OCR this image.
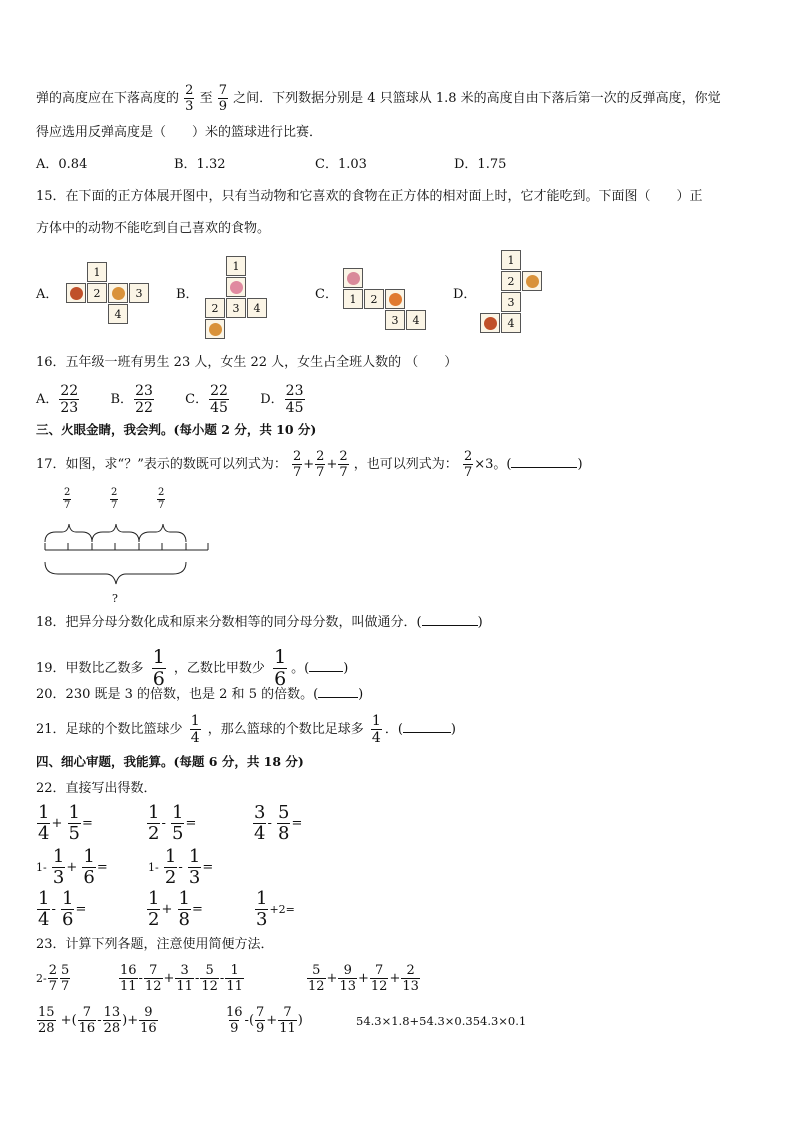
弹的高度应在下落高度的 $\frac{2}{3}$ 至 $\frac{7}{9}$ 之间．下列数据分别是 4 只篮球从 1.8 米的高度自由下落后第一次的反弹高度，你觉
得应选用反弹高度是（　　）米的篮球进行比赛．
A．0.84	B．1.32	C．1.03	D．1.75
15．在下面的正方体展开图中，只有当动物和它喜欢的食物在正方体的相对面上时，它才能吃到。下面图（　　）正
方体中的动物不能吃到自己喜欢的食物。
A．
1
2	3
4
B．
1
2	3	4
C．	1	2
3	4
D．
1
2
3
4
16．五年级一班有男生 23 人，女生 22 人，女生占全班人数的 （　　）
A． $\frac{22}{23}$ B． $\frac{23}{22}$ C． $\frac{22}{45}$ D． $\frac{23}{45}$
三、火眼金睛，我会判。(每小题 2 分，共 10 分)
17．如图，求“？”表示的数既可以列式为： $\frac{2}{7} + \frac{2}{7} + \frac{2}{7}$ ，也可以列式为： $\frac{2}{7} \times 3$。(	)
$\frac{2}{7}$	$\frac{2}{7}$	$\frac{2}{7}$
?
18．把异分母分数化成和原来分数相等的同分母分数，叫做通分．(	)
19．甲数比乙数多 $\frac{1}{6}$ ，乙数比甲数少 $\frac{1}{6}$ 。(	)
20．230 既是 3 的倍数，也是 2 和 5 的倍数。(	)
21．足球的个数比篮球少 $\frac{1}{4}$ ，那么篮球的个数比足球多 $\frac{1}{4}$ ．(	)
四、细心审题，我能算。(每题 6 分，共 18 分)
22．直接写出得数．
$\frac{1}{4} + \frac{1}{5}$ =	$\frac{1}{2} - \frac{1}{5}$ =	$\frac{3}{4} - \frac{5}{8}$ =
$1- \frac{1}{3} + \frac{1}{6}$ =	$1- \frac{1}{2} - \frac{1}{3}$ =
$\frac{1}{4} - \frac{1}{6}$ =	$\frac{1}{2} + \frac{1}{8}$ =	$\frac{1}{3} +2=$
23．计算下列各题，注意使用简便方法．
$2- \frac{2}{7} \frac{5}{7}$	$\frac{16}{11} - \frac{7}{12} + \frac{3}{11} - \frac{5}{12} - \frac{1}{11}$	$\frac{5}{12} + \frac{9}{13} + \frac{7}{12} + \frac{2}{13}$
$\frac{15}{28}$ +( $\frac{7}{16} - \frac{13}{28}$ )+ $\frac{9}{16}$	$\frac{16}{9}$ -( $\frac{7}{9} + \frac{7}{11}$ )	54.3×1.8+54.3×0.354.3×0.1
